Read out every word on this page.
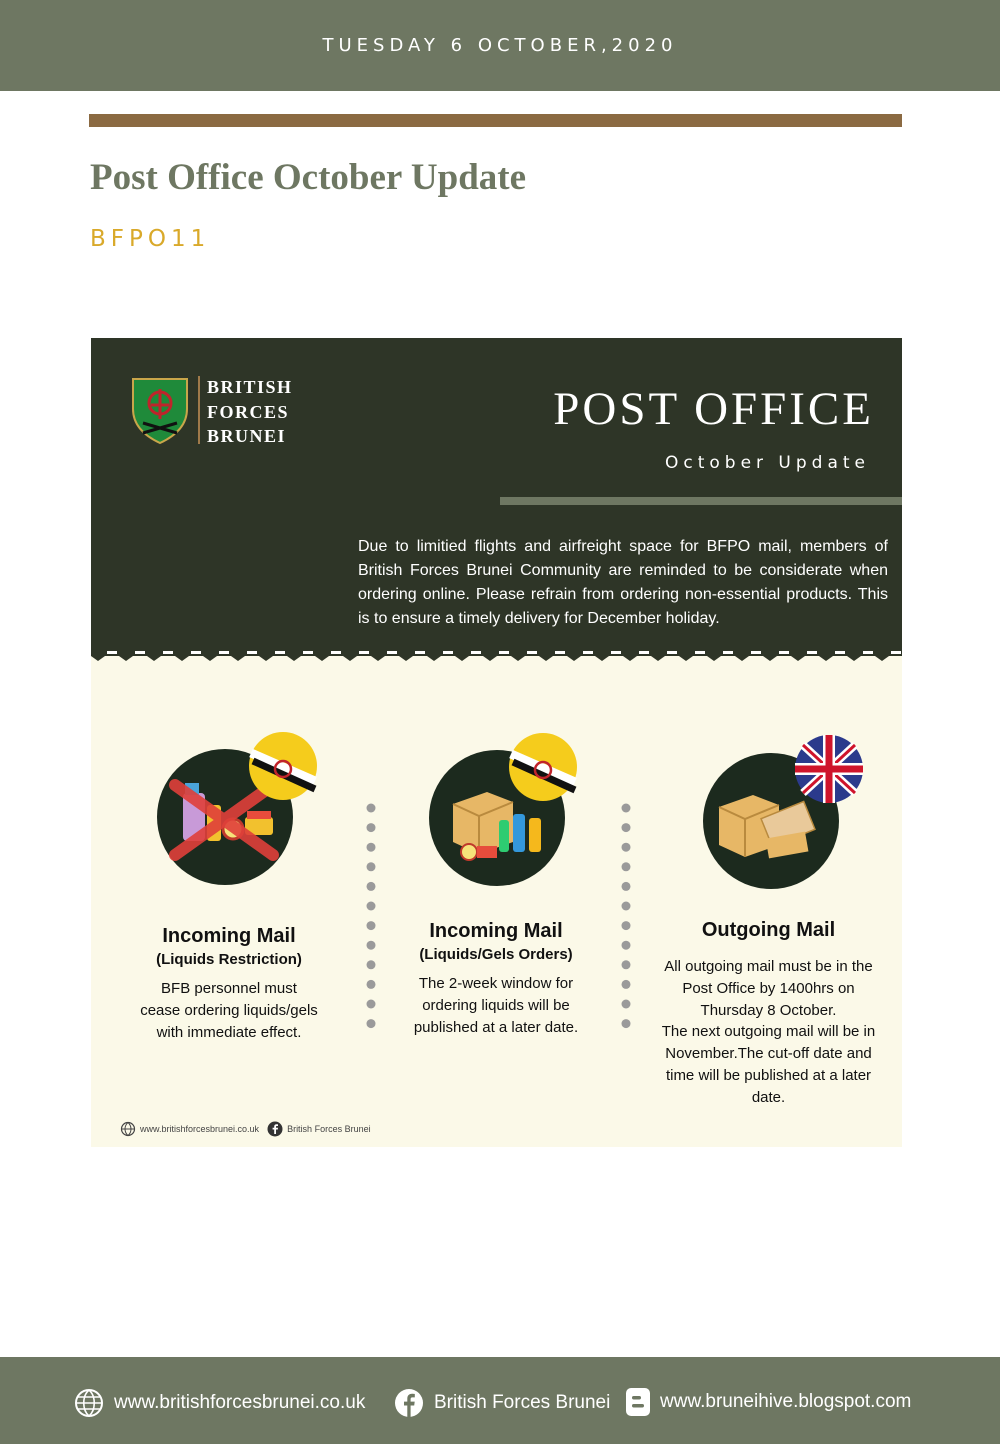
TUESDAY 6 OCTOBER,2020
Post Office October Update
BFPO11
BRITISH
FORCES
BRUNEI
POST OFFICE
October Update

Due to limitied flights and airfreight space for BFPO mail, members of British Forces Brunei Community are reminded to be considerate when ordering online. Please refrain from ordering non-essential products. This is to ensure a timely delivery for December holiday.

Incoming Mail
(Liquids Restriction)

BFB personnel must cease ordering liquids/gels with immediate effect.

Incoming Mail
(Liquids/Gels Orders)

The 2-week window for ordering liquids will be published at a later date.

Outgoing Mail

All outgoing mail must be in the Post Office by 1400hrs on Thursday 8 October.

The next outgoing mail will be in November.The cut-off date and time will be published at a later date.

www.britishforcesbrunei.co.uk	British Forces Brunei
www.britishforcesbrunei.co.uk	British Forces Brunei	www.bruneihive.blogspot.com
